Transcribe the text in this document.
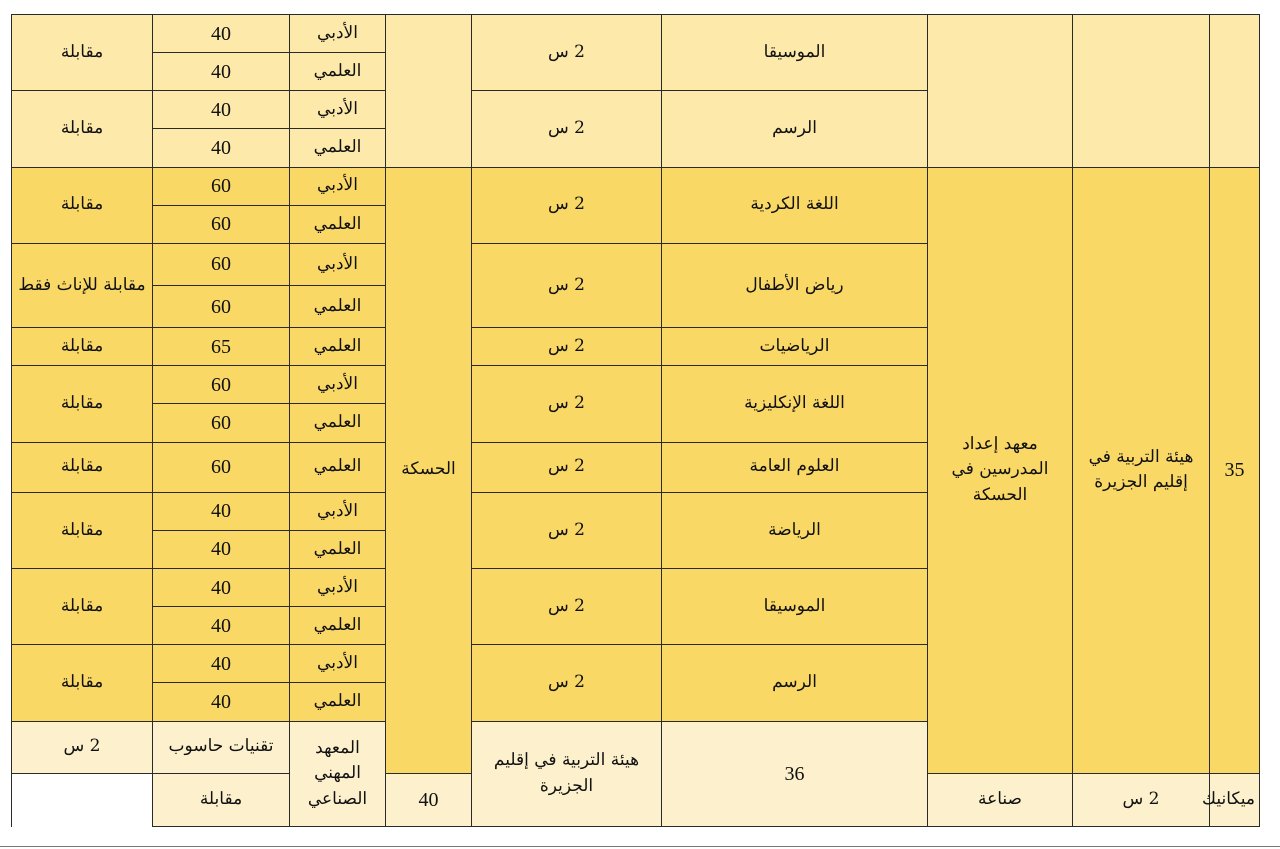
			الموسيقا	2 س		الأدبي	40	مقابلة	
						العلمي	40		
			الرسم	2 س		الأدبي	40	مقابلة	
						العلمي	40		
35	هيئة التربية في إقليم الجزيرة	معهد إعداد المدرسين في الحسكة	اللغة الكردية	2 س	الحسكة	الأدبي	60	مقابلة	
						العلمي	60		
			رياض الأطفال	2 س		الأدبي	60	مقابلة للإناث فقط	
						العلمي	60		
			الرياضيات	2 س		العلمي	65	مقابلة	
			اللغة الإنكليزية	2 س		الأدبي	60	مقابلة	
						العلمي	60		
			العلوم العامة	2 س		العلمي	60	مقابلة	
			الرياضة	2 س		الأدبي	40	مقابلة	
						العلمي	40		
			الموسيقا	2 س		الأدبي	40	مقابلة	
						العلمي	40		
			الرسم	2 س		الأدبي	40	مقابلة	
						العلمي	40		
			36	هيئة التربية في إقليم الجزيرة		المعهد المهني الصناعي	تقنيات حاسوب	2 س				
ميكانيك	2 س	صناعة			40		مقابلة		
